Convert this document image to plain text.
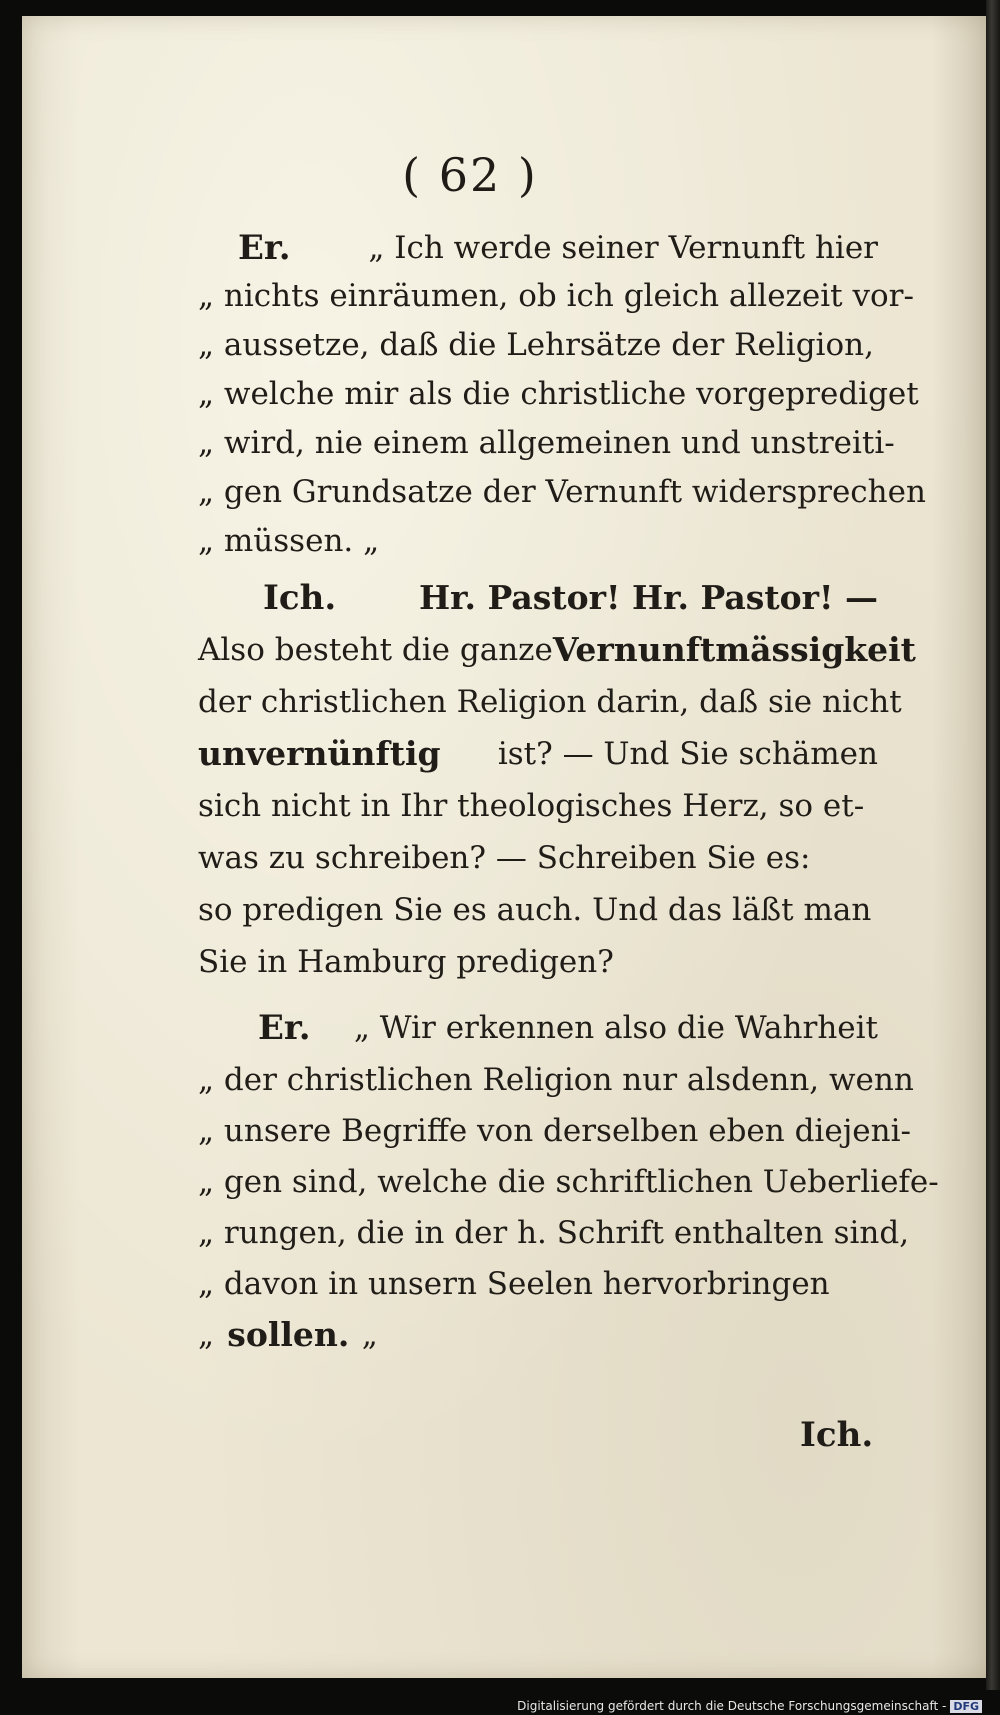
( 62 )
Er.	„ Ich werde seiner Vernunft hier
„ nichts einräumen, ob ich gleich allezeit vor-
„ aussetze, daß die Lehrsätze der Religion,
„ welche mir als die christliche vorgeprediget
„ wird, nie einem allgemeinen und unstreiti-
„ gen Grundsatze der Vernunft widersprechen
„ müssen. „
Ich.	Hr. Pastor! Hr. Pastor! —
Also besteht die ganze Vernunftmässigkeit
der christlichen Religion darin, daß sie nicht
unvernünftig ist? — Und Sie schämen
sich nicht in Ihr theologisches Herz, so et-
was zu schreiben? — Schreiben Sie es:
so predigen Sie es auch. Und das läßt man
Sie in Hamburg predigen?
Er. „ Wir erkennen also die Wahrheit
„ der christlichen Religion nur alsdenn, wenn
„ unsere Begriffe von derselben eben diejeni-
„ gen sind, welche die schriftlichen Ueberliefe-
„ rungen, die in der h. Schrift enthalten sind,
„ davon in unsern Seelen hervorbringen
„ sollen. „
Ich.
Digitalisierung gefördert durch die Deutsche Forschungsgemeinschaft - DFG
